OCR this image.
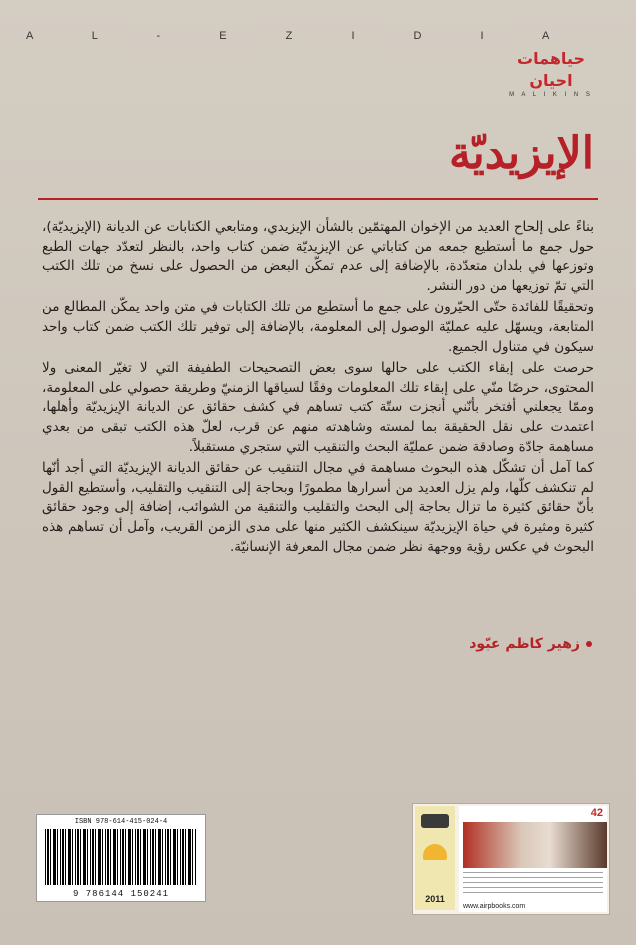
A L - E Z I D I A
حياهمات احيان
M A L I K I N S
الإيزيديّة

بناءً على إلحاح العديد من الإخوان المهتمّين بالشأن الإيزيدي، ومتابعي الكتابات عن الديانة (الإيزيديّة)، حول جمع ما أستطيع جمعه من كتاباتي عن الإيزيديّة ضمن كتاب واحد، بالنظر لتعدّد جهات الطبع وتوزعها في بلدان متعدّدة، بالإضافة إلى عدم تمكّن البعض من الحصول على نسخ من تلك الكتب التي تمّ توزيعها من دور النشر.

وتحقيقًا للفائدة حتّى الحيّرون على جمع ما أستطيع من تلك الكتابات في متن واحد يمكّن المطالع من المتابعة، ويسهّل عليه عمليّة الوصول إلى المعلومة، بالإضافة إلى توفير تلك الكتب ضمن كتاب واحد سيكون في متناول الجميع.

حرصت على إبقاء الكتب على حالها سوى بعض التصحيحات الطفيفة التي لا تغيّر المعنى ولا المحتوى، حرصًا منّي على إبقاء تلك المعلومات وفقًا لسياقها الزمنيّ وطريقة حصولي على المعلومة، وممّا يجعلني أفتخر بأنّني أنجزت ستّة كتب تساهم في كشف حقائق عن الديانة الإيزيديّة وأهلها، اعتمدت على نقل الحقيقة بما لمسته وشاهدته منهم عن قرب، لعلّ هذه الكتب تبقى من بعدي مساهمة جادّة وصادقة ضمن عمليّة البحث والتنقيب التي ستجري مستقبلاً.

كما آمل أن تشكّل هذه البحوث مساهمة في مجال التنقيب عن حقائق الديانة الإيزيديّة التي أجد أنّها لم تنكشف كلّها، ولم يزل العديد من أسرارها مطمورًا وبحاجة إلى التنقيب والتقليب، وأستطيع القول بأنّ حقائق كثيرة ما تزال بحاجة إلى البحث والتقليب والتنقية من الشوائب، إضافة إلى وجود حقائق كثيرة ومثيرة في حياة الإيزيديّة سينكشف الكثير منها على مدى الزمن القريب، وآمل أن تساهم هذه البحوث في عكس رؤية ووجهة نظر ضمن مجال المعرفة الإنسانيّة.

زهير كاظم عبّود
ISBN 978-614-415-024-4
9 786144 150241	2011
42
www.airpbooks.com
